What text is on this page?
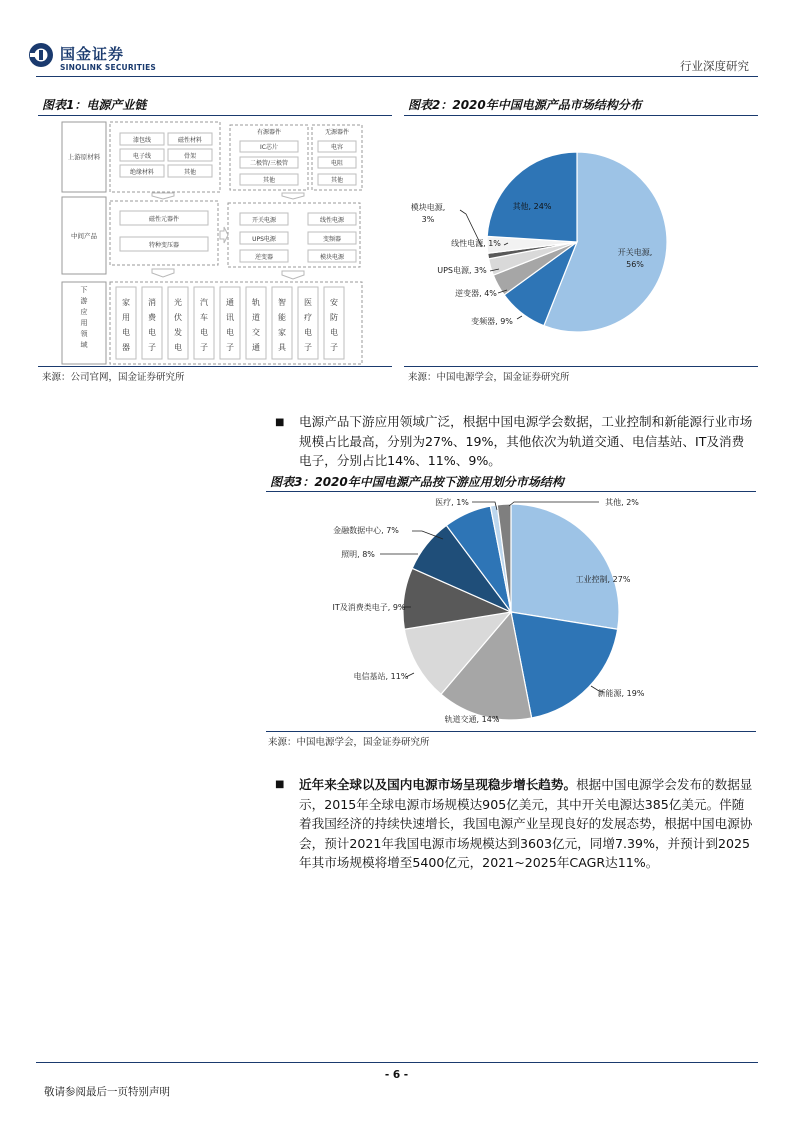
国金证券
SINOLINK SECURITIES	行业深度研究
图表1：电源产业链
上游原材料
中间产品
下
游
应
用
领
域
漆包线	磁性材料
电子线	骨架
绝缘材料	其他
有源器件
IC芯片
二极管/三极管
其他
无源器件
电容
电阻
其他
磁性元器件
特种变压器
开关电源	线性电源
UPS电源	变频器
逆变器	模块电源
家
用
电
器
消
费
电
子
光
伏
发
电
汽
车
电
子
通
讯
电
子
轨
道
交
通
智
能
家
具
医
疗
电
子
安
防
电
子
来源：公司官网，国金证券研究所
图表2：2020年中国电源产品市场结构分布
开关电源,
56%
变频器, 9%
逆变器, 4%
UPS电源, 3%
线性电源, 1%
模块电源,
3%
其他, 24%
来源：中国电源学会，国金证券研究所
■ 电源产品下游应用领域广泛，根据中国电源学会数据，工业控制和新能源行业市场规模占比最高，分别为27%、19%，其他依次为轨道交通、电信基站、IT及消费电子，分别占比14%、11%、9%。
图表3：2020年中国电源产品按下游应用划分市场结构
工业控制, 27%
新能源, 19%
轨道交通, 14%
电信基站, 11%
IT及消费类电子, 9%
照明, 8%
金融数据中心, 7%
医疗, 1%	其他, 2%
来源：中国电源学会，国金证券研究所
■ 近年来全球以及国内电源市场呈现稳步增长趋势。根据中国电源学会发布的数据显示，2015年全球电源市场规模达905亿美元，其中开关电源达385亿美元。伴随着我国经济的持续快速增长，我国电源产业呈现良好的发展态势，根据中国电源协会，预计2021年我国电源市场规模达到3603亿元，同增7.39%，并预计到2025年其市场规模将增至5400亿元，2021~2025年CAGR达11%。
- 6 -
敬请参阅最后一页特别声明
